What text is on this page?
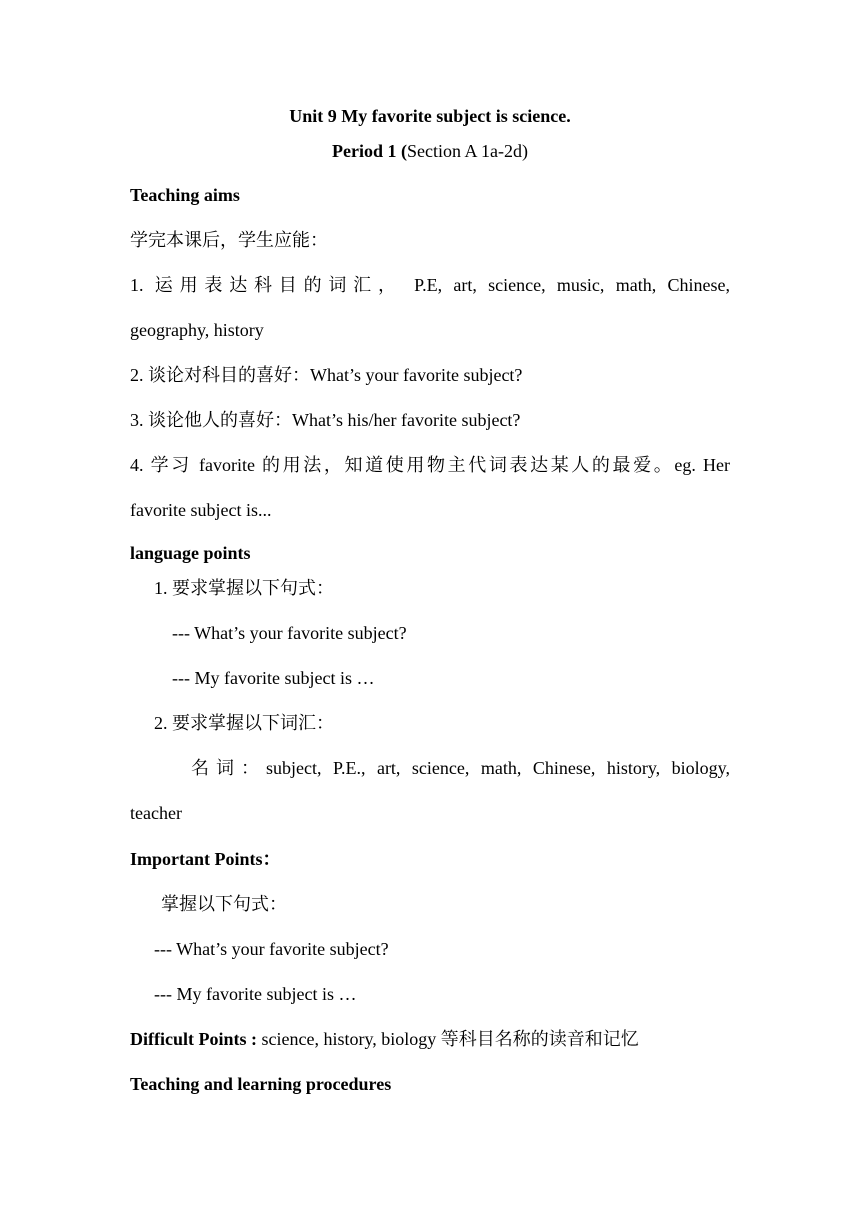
Unit 9 My favorite subject is science.
Period 1 (Section A 1a-2d)
Teaching aims
学完本课后，学生应能：
1. 运用表达科目的词汇， P.E, art, science, music, math, Chinese,
geography, history
2. 谈论对科目的喜好：What’s your favorite subject?
3. 谈论他人的喜好：What’s his/her favorite subject?
4. 学习 favorite 的用法，知道使用物主代词表达某人的最爱。eg. Her
favorite subject is...
language points
1. 要求掌握以下句式：
--- What’s your favorite subject?
--- My favorite subject is …
2. 要求掌握以下词汇：
名词：subject, P.E., art, science, math, Chinese, history, biology,
teacher
Important Points：
掌握以下句式：
--- What’s your favorite subject?
--- My favorite subject is …
Difficult Points : science, history, biology 等科目名称的读音和记忆
Teaching and learning procedures
